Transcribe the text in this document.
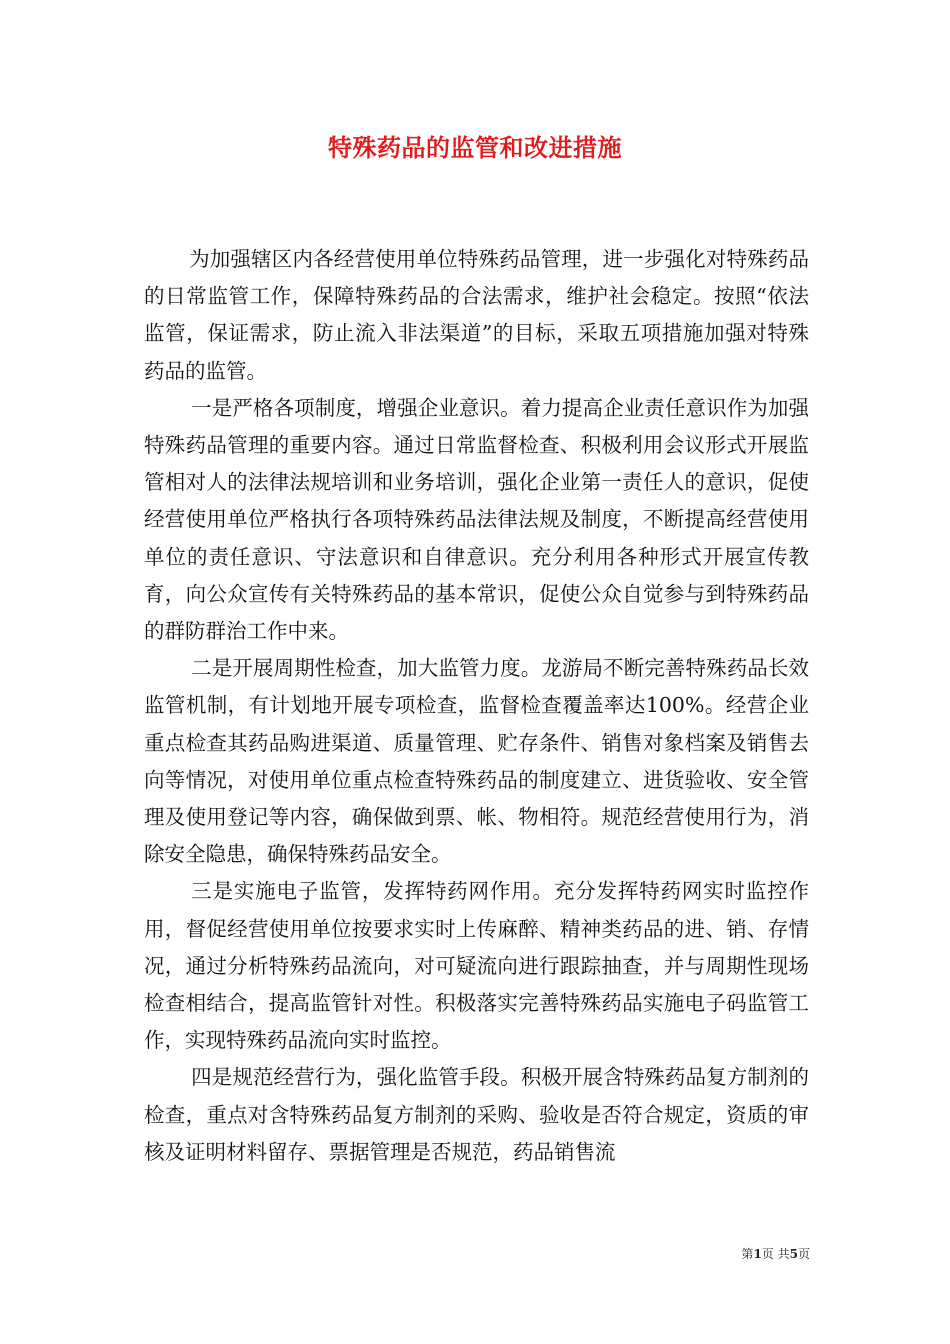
特殊药品的监管和改进措施

为加强辖区内各经营使用单位特殊药品管理，进一步强化对特殊药品的日常监管工作，保障特殊药品的合法需求，维护社会稳定。按照“依法监管，保证需求，防止流入非法渠道”的目标，采取五项措施加强对特殊药品的监管。

一是严格各项制度，增强企业意识。着力提高企业责任意识作为加强特殊药品管理的重要内容。通过日常监督检查、积极利用会议形式开展监管相对人的法律法规培训和业务培训，强化企业第一责任人的意识，促使经营使用单位严格执行各项特殊药品法律法规及制度，不断提高经营使用单位的责任意识、守法意识和自律意识。充分利用各种形式开展宣传教育，向公众宣传有关特殊药品的基本常识，促使公众自觉参与到特殊药品的群防群治工作中来。

二是开展周期性检查，加大监管力度。龙游局不断完善特殊药品长效监管机制，有计划地开展专项检查，监督检查覆盖率达100%。经营企业重点检查其药品购进渠道、质量管理、贮存条件、销售对象档案及销售去向等情况，对使用单位重点检查特殊药品的制度建立、进货验收、安全管理及使用登记等内容，确保做到票、帐、物相符。规范经营使用行为，消除安全隐患，确保特殊药品安全。

三是实施电子监管，发挥特药网作用。充分发挥特药网实时监控作用，督促经营使用单位按要求实时上传麻醉、精神类药品的进、销、存情况，通过分析特殊药品流向，对可疑流向进行跟踪抽查，并与周期性现场检查相结合，提高监管针对性。积极落实完善特殊药品实施电子码监管工作，实现特殊药品流向实时监控。

四是规范经营行为，强化监管手段。积极开展含特殊药品复方制剂的检查，重点对含特殊药品复方制剂的采购、验收是否符合规定，资质的审核及证明材料留存、票据管理是否规范，药品销售流

第1页 共5页
